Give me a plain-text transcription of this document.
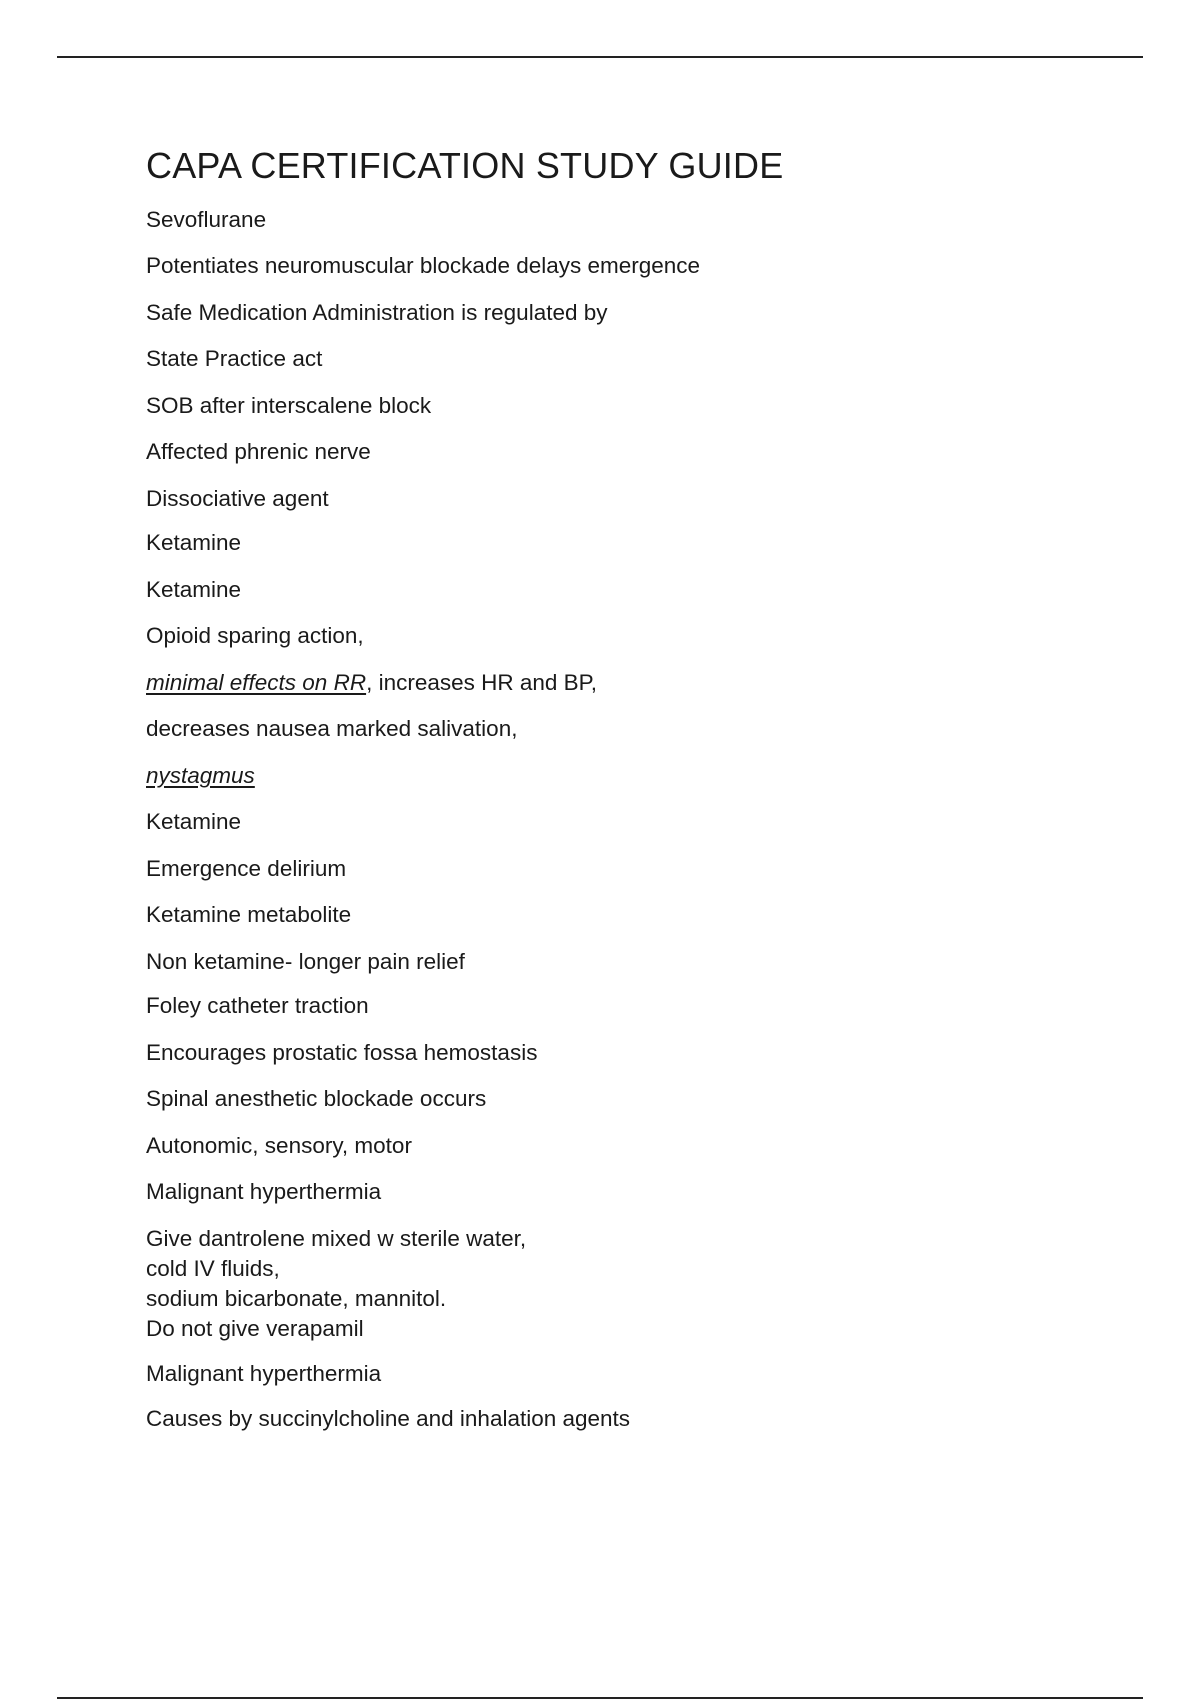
CAPA CERTIFICATION STUDY GUIDE

Sevoflurane

Potentiates neuromuscular blockade delays emergence

Safe Medication Administration is regulated by

State Practice act

SOB after interscalene block

Affected phrenic nerve

Dissociative agent

Ketamine

Ketamine

Opioid sparing action,

minimal effects on RR, increases HR and BP,

decreases nausea marked salivation,

nystagmus

Ketamine

Emergence delirium

Ketamine metabolite

Non ketamine- longer pain relief

Foley catheter traction

Encourages prostatic fossa hemostasis

Spinal anesthetic blockade occurs

Autonomic, sensory, motor

Malignant hyperthermia

Give dantrolene mixed w sterile water,
cold IV fluids,
sodium bicarbonate, mannitol.
Do not give verapamil

Malignant hyperthermia

Causes by succinylcholine and inhalation agents
